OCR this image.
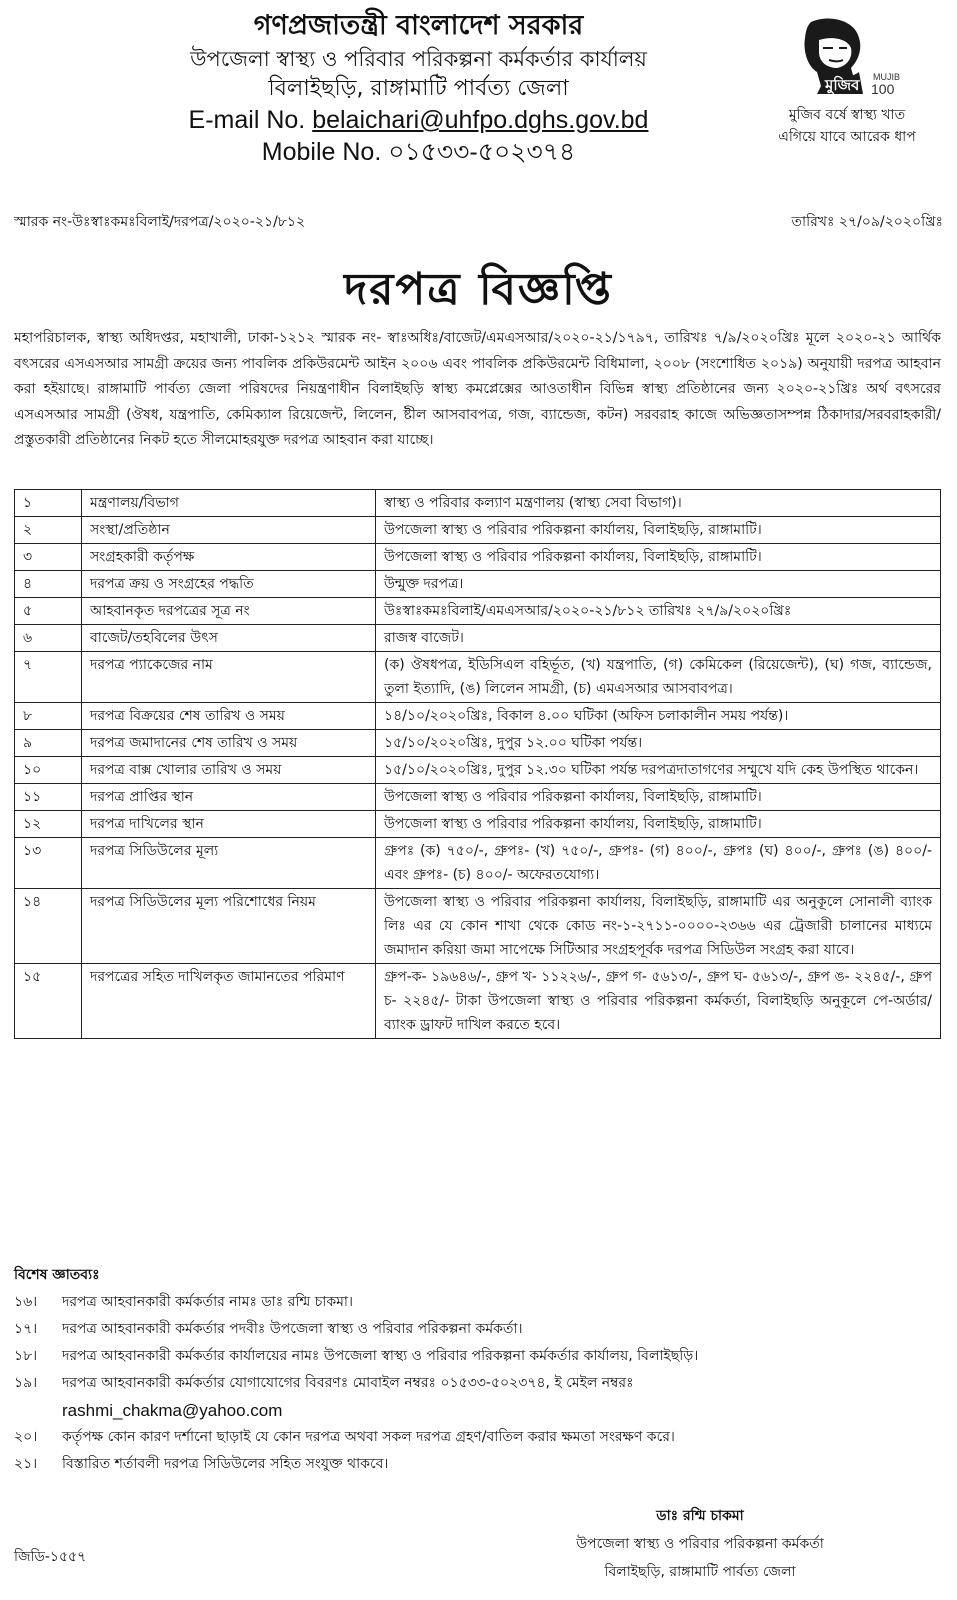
গণপ্রজাতন্ত্রী বাংলাদেশ সরকার
উপজেলা স্বাস্থ্য ও পরিবার পরিকল্পনা কর্মকর্তার কার্যালয়
বিলাইছড়ি, রাঙ্গামাটি পার্বত্য জেলা
E-mail No. belaichari@uhfpo.dghs.gov.bd
Mobile No. ০১৫৩৩-৫০২৩৭৪
মুজিব MUJIB
100
মুজিব বর্ষে স্বাস্থ্য খাত
এগিয়ে যাবে আরেক ধাপ
স্মারক নং-উঃস্বাঃকমঃবিলাই/দরপত্র/২০২০-২১/৮১২	তারিখঃ ২৭/০৯/২০২০খ্রিঃ
দরপত্র বিজ্ঞপ্তি
মহাপরিচালক, স্বাস্থ্য অধিদপ্তর, মহাখালী, ঢাকা-১২১২ স্মারক নং- স্বাঃঅধিঃ/বাজেট/এমএসআর/২০২০-২১/১৭৯৭, তারিখঃ ৭/৯/২০২০খ্রিঃ মূলে ২০২০-২১ আর্থিক বৎসরের এসএসআর সামগ্রী ক্রয়ের জন্য পাবলিক প্রকিউরমেন্ট আইন ২০০৬ এবং পাবলিক প্রকিউরমেন্ট বিধিমালা, ২০০৮ (সংশোধিত ২০১৯) অনুযায়ী দরপত্র আহবান করা হইয়াছে। রাঙ্গামাটি পার্বত্য জেলা পরিষদের নিয়ন্ত্রণাধীন বিলাইছড়ি স্বাস্থ্য কমপ্লেক্সের আওতাধীন বিভিন্ন স্বাস্থ্য প্রতিষ্ঠানের জন্য ২০২০-২১খ্রিঃ অর্থ বৎসরের এসএসআর সামগ্রী (ঔষধ, যন্ত্রপাতি, কেমিক্যাল রিয়েজেন্ট, লিলেন, ষ্টীল আসবাবপত্র, গজ, ব্যান্ডেজ, কটন) সরবরাহ কাজে অভিজ্ঞতাসম্পন্ন ঠিকাদার/সরবরাহকারী/প্রস্তুতকারী প্রতিষ্ঠানের নিকট হতে সীলমোহরযুক্ত দরপত্র আহবান করা যাচ্ছে।
১	মন্ত্রণালয়/বিভাগ	স্বাস্থ্য ও পরিবার কল্যাণ মন্ত্রণালয় (স্বাস্থ্য সেবা বিভাগ)।
২	সংস্থা/প্রতিষ্ঠান	উপজেলা স্বাস্থ্য ও পরিবার পরিকল্পনা কার্যালয়, বিলাইছড়ি, রাঙ্গামাটি।
৩	সংগ্রহকারী কর্তৃপক্ষ	উপজেলা স্বাস্থ্য ও পরিবার পরিকল্পনা কার্যালয়, বিলাইছড়ি, রাঙ্গামাটি।
৪	দরপত্র ক্রয় ও সংগ্রহের পদ্ধতি	উন্মুক্ত দরপত্র।
৫	আহবানকৃত দরপত্রের সূত্র নং	উঃস্বাঃকমঃবিলাই/এমএসআর/২০২০-২১/৮১২ তারিখঃ ২৭/৯/২০২০খ্রিঃ
৬	বাজেট/তহবিলের উৎস	রাজস্ব বাজেট।
৭	দরপত্র প্যাকেজের নাম	(ক) ঔষধপত্র, ইডিসিএল বহির্ভূত, (খ) যন্ত্রপাতি, (গ) কেমিকেল (রিয়েজেন্ট), (ঘ) গজ, ব্যান্ডেজ, তুলা ইত্যাদি, (ঙ) লিলেন সামগ্রী, (চ) এমএসআর আসবাবপত্র।
৮	দরপত্র বিক্রয়ের শেষ তারিখ ও সময়	১৪/১০/২০২০খ্রিঃ, বিকাল ৪.০০ ঘটিকা (অফিস চলাকালীন সময় পর্যন্ত)।
৯	দরপত্র জমাদানের শেষ তারিখ ও সময়	১৫/১০/২০২০খ্রিঃ, দুপুর ১২.০০ ঘটিকা পর্যন্ত।
১০	দরপত্র বাক্স খোলার তারিখ ও সময়	১৫/১০/২০২০খ্রিঃ, দুপুর ১২.৩০ ঘটিকা পর্যন্ত দরপত্রদাতাগণের সম্মুখে যদি কেহ উপস্থিত থাকেন।
১১	দরপত্র প্রাপ্তির স্থান	উপজেলা স্বাস্থ্য ও পরিবার পরিকল্পনা কার্যালয়, বিলাইছড়ি, রাঙ্গামাটি।
১২	দরপত্র দাখিলের স্থান	উপজেলা স্বাস্থ্য ও পরিবার পরিকল্পনা কার্যালয়, বিলাইছড়ি, রাঙ্গামাটি।
১৩	দরপত্র সিডিউলের মূল্য	গ্রুপঃ (ক) ৭৫০/-, গ্রুপঃ- (খ) ৭৫০/-, গ্রুপঃ- (গ) ৪০০/-, গ্রুপঃ (ঘ) ৪০০/-, গ্রুপঃ (ঙ) ৪০০/- এবং গ্রুপঃ- (চ) ৪০০/- অফেরতযোগ্য।
১৪	দরপত্র সিডিউলের মূল্য পরিশোধের নিয়ম	উপজেলা স্বাস্থ্য ও পরিবার পরিকল্পনা কার্যালয়, বিলাইছড়ি, রাঙ্গামাটি এর অনুকূলে সোনালী ব্যাংক লিঃ এর যে কোন শাখা থেকে কোড নং-১-২৭১১-০০০০-২৩৬৬ এর ট্রেজারী চালানের মাধ্যমে জমাদান করিয়া জমা সাপেক্ষে সিটিআর সংগ্রহপূর্বক দরপত্র সিডিউল সংগ্রহ করা যাবে।
১৫	দরপত্রের সহিত দাখিলকৃত জামানতের পরিমাণ	গ্রুপ-ক- ১৯৬৪৬/-, গ্রুপ খ- ১১২২৬/-, গ্রুপ গ- ৫৬১৩/-, গ্রুপ ঘ- ৫৬১৩/-, গ্রুপ ঙ- ২২৪৫/-, গ্রুপ চ- ২২৪৫/- টাকা উপজেলা স্বাস্থ্য ও পরিবার পরিকল্পনা কর্মকর্তা, বিলাইছড়ি অনুকূলে পে-অর্ডার/ব্যাংক ড্রাফট দাখিল করতে হবে।
বিশেষ জ্ঞাতব্যঃ
১৬।	দরপত্র আহবানকারী কর্মকর্তার নামঃ ডাঃ রশ্মি চাকমা।
১৭।	দরপত্র আহবানকারী কর্মকর্তার পদবীঃ উপজেলা স্বাস্থ্য ও পরিবার পরিকল্পনা কর্মকর্তা।
১৮।	দরপত্র আহবানকারী কর্মকর্তার কার্যালয়ের নামঃ উপজেলা স্বাস্থ্য ও পরিবার পরিকল্পনা কর্মকর্তার কার্যালয়, বিলাইছড়ি।
১৯।	দরপত্র আহবানকারী কর্মকর্তার যোগাযোগের বিবরণঃ মোবাইল নম্বরঃ ০১৫৩৩-৫০২৩৭৪, ই মেইল নম্বরঃ
rashmi_chakma@yahoo.com
২০।	কর্তৃপক্ষ কোন কারণ দর্শানো ছাড়াই যে কোন দরপত্র অথবা সকল দরপত্র গ্রহণ/বাতিল করার ক্ষমতা সংরক্ষণ করে।
২১।	বিস্তারিত শর্তাবলী দরপত্র সিডিউলের সহিত সংযুক্ত থাকবে।
ডাঃ রশ্মি চাকমা
উপজেলা স্বাস্থ্য ও পরিবার পরিকল্পনা কর্মকর্তা
বিলাইছড়ি, রাঙ্গামাটি পার্বত্য জেলা
জিডি-১৫৫৭
